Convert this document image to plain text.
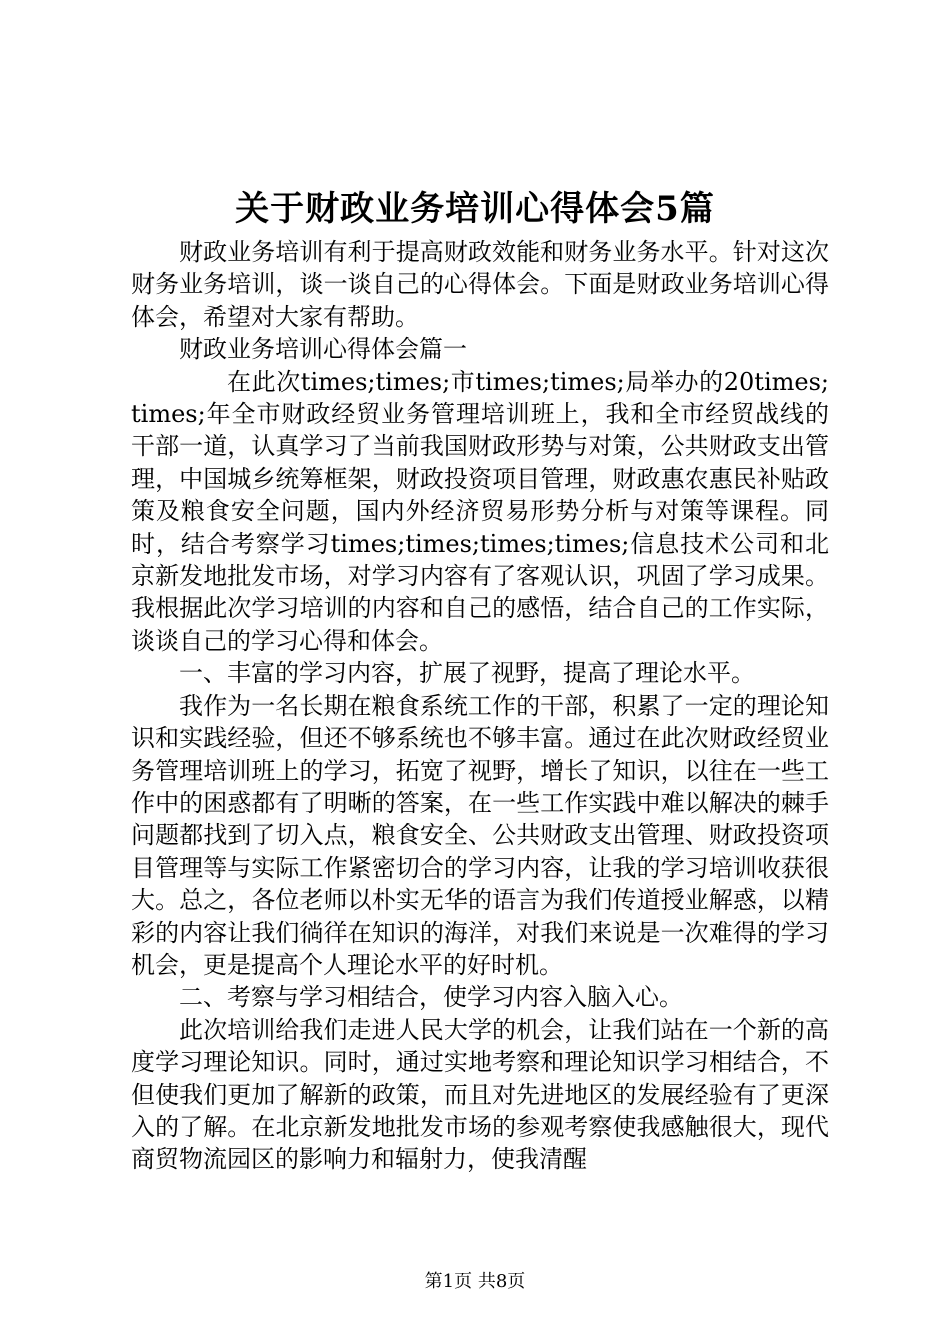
关于财政业务培训心得体会5篇

财政业务培训有利于提高财政效能和财务业务水平。针对这次财务业务培训，谈一谈自己的心得体会。下面是财政业务培训心得体会，希望对大家有帮助。

财政业务培训心得体会篇一

在此次times;times;市times;times;局举办的20times;times;年全市财政经贸业务管理培训班上，我和全市经贸战线的干部一道，认真学习了当前我国财政形势与对策，公共财政支出管理，中国城乡统筹框架，财政投资项目管理，财政惠农惠民补贴政策及粮食安全问题，国内外经济贸易形势分析与对策等课程。同时，结合考察学习times;times;times;times;信息技术公司和北京新发地批发市场，对学习内容有了客观认识，巩固了学习成果。我根据此次学习培训的内容和自己的感悟，结合自己的工作实际，谈谈自己的学习心得和体会。

一、丰富的学习内容，扩展了视野，提高了理论水平。

我作为一名长期在粮食系统工作的干部，积累了一定的理论知识和实践经验，但还不够系统也不够丰富。通过在此次财政经贸业务管理培训班上的学习，拓宽了视野，增长了知识，以往在一些工作中的困惑都有了明晰的答案，在一些工作实践中难以解决的棘手问题都找到了切入点，粮食安全、公共财政支出管理、财政投资项目管理等与实际工作紧密切合的学习内容，让我的学习培训收获很大。总之，各位老师以朴实无华的语言为我们传道授业解惑，以精彩的内容让我们徜徉在知识的海洋，对我们来说是一次难得的学习机会，更是提高个人理论水平的好时机。

二、考察与学习相结合，使学习内容入脑入心。

此次培训给我们走进人民大学的机会，让我们站在一个新的高度学习理论知识。同时，通过实地考察和理论知识学习相结合，不但使我们更加了解新的政策，而且对先进地区的发展经验有了更深入的了解。在北京新发地批发市场的参观考察使我感触很大，现代商贸物流园区的影响力和辐射力，使我清醒

第1页 共8页
